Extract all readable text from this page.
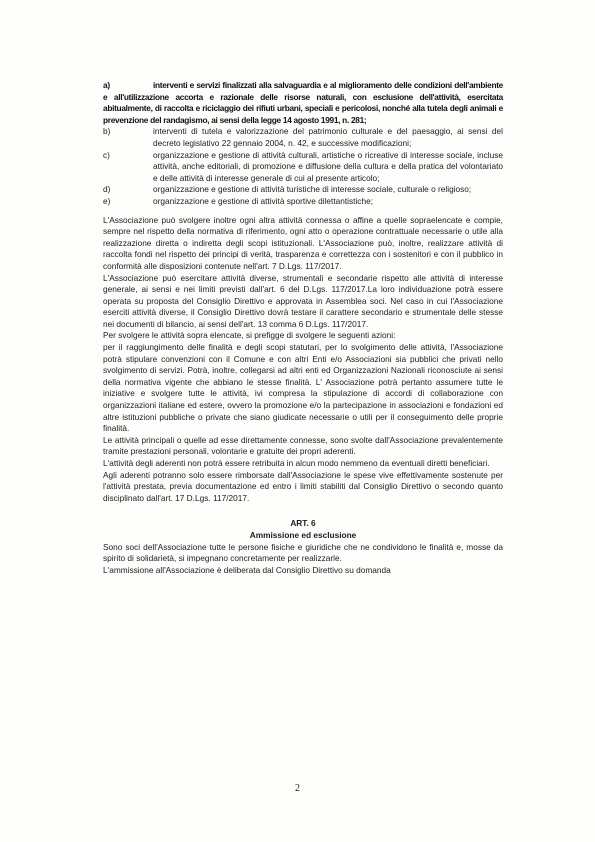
a)	interventi e servizi finalizzati alla salvaguardia e al miglioramento delle condizioni dell'ambiente e all'utilizzazione accorta e razionale delle risorse naturali, con esclusione dell'attività, esercitata abitualmente, di raccolta e riciclaggio dei rifiuti urbani, speciali e pericolosi, nonché alla tutela degli animali e prevenzione del randagismo, ai sensi della legge 14 agosto 1991, n. 281;
b)	interventi di tutela e valorizzazione del patrimonio culturale e del paesaggio, ai sensi del decreto legislativo 22 gennaio 2004, n. 42, e successive modificazioni;
c)	organizzazione e gestione di attività culturali, artistiche o ricreative di interesse sociale, incluse attività, anche editoriali, di promozione e diffusione della cultura e della pratica del volontariato e delle attività di interesse generale di cui al presente articolo;
d)	organizzazione e gestione di attività turistiche di interesse sociale, culturale o religioso;
e)	organizzazione e gestione di attività sportive dilettantistiche;

L'Associazione può svolgere inoltre ogni altra attività connessa o affine a quelle sopraelencate e compie, sempre nel rispetto della normativa di riferimento, ogni atto o operazione contrattuale necessarie o utile alla realizzazione diretta o indiretta degli scopi istituzionali. L'Associazione può, inoltre, realizzare attività di raccolta fondi nel rispetto dei principi di verità, trasparenza e correttezza con i sostenitori e con il pubblico in conformità alle disposizioni contenute nell'art. 7 D.Lgs. 117/2017.

L'Associazione può esercitare attività diverse, strumentali e secondarie rispetto alle attività di interesse generale, ai sensi e nei limiti previsti dall'art. 6 del D.Lgs. 117/2017.La loro individuazione potrà essere operata su proposta del Consiglio Direttivo e approvata in Assemblea soci. Nel caso in cui l'Associazione eserciti attività diverse, il Consiglio Direttivo dovrà testare il carattere secondario e strumentale delle stesse nei documenti di bilancio, ai sensi dell'art. 13 comma 6 D.Lgs. 117/2017.

Per svolgere le attività sopra elencate, si prefigge di svolgere le seguenti azioni:

per il raggiungimento delle finalità e degli scopi statutari, per lo svolgimento delle attività, l'Associazione potrà stipulare convenzioni con il Comune e con altri Enti e/o Associazioni sia pubblici che privati nello svolgimento di servizi. Potrà, inoltre, collegarsi ad altri enti ed Organizzazioni Nazionali riconosciute ai sensi della normativa vigente che abbiano le stesse finalità. L' Associazione potrà pertanto assumere tutte le iniziative e svolgere tutte le attività, ivi compresa la stipulazione di accordi di collaborazione con organizzazioni italiane ed estere, ovvero la promozione e/o la partecipazione in associazioni e fondazioni ed altre istituzioni pubbliche o private che siano giudicate necessarie o utili per il conseguimento delle proprie finalità.

Le attività principali o quelle ad esse direttamente connesse, sono svolte dall'Associazione prevalentemente tramite prestazioni personali, volontarie e gratuite dei propri aderenti.

L'attività degli aderenti non potrà essere retribuita in alcun modo nemmeno da eventuali diretti beneficiari.

Agli aderenti potranno solo essere rimborsate dall'Associazione le spese vive effettivamente sostenute per l'attività prestata, previa documentazione ed entro i limiti stabiliti dal Consiglio Direttivo o secondo quanto disciplinato dall'art. 17 D.Lgs. 117/2017.

ART. 6
Ammissione ed esclusione

Sono soci dell'Associazione tutte le persone fisiche e giuridiche che ne condividono le finalità e, mosse da spirito di solidarietà, si impegnano concretamente per realizzarle.

L'ammissione all'Associazione è deliberata dal Consiglio Direttivo su domanda

2
